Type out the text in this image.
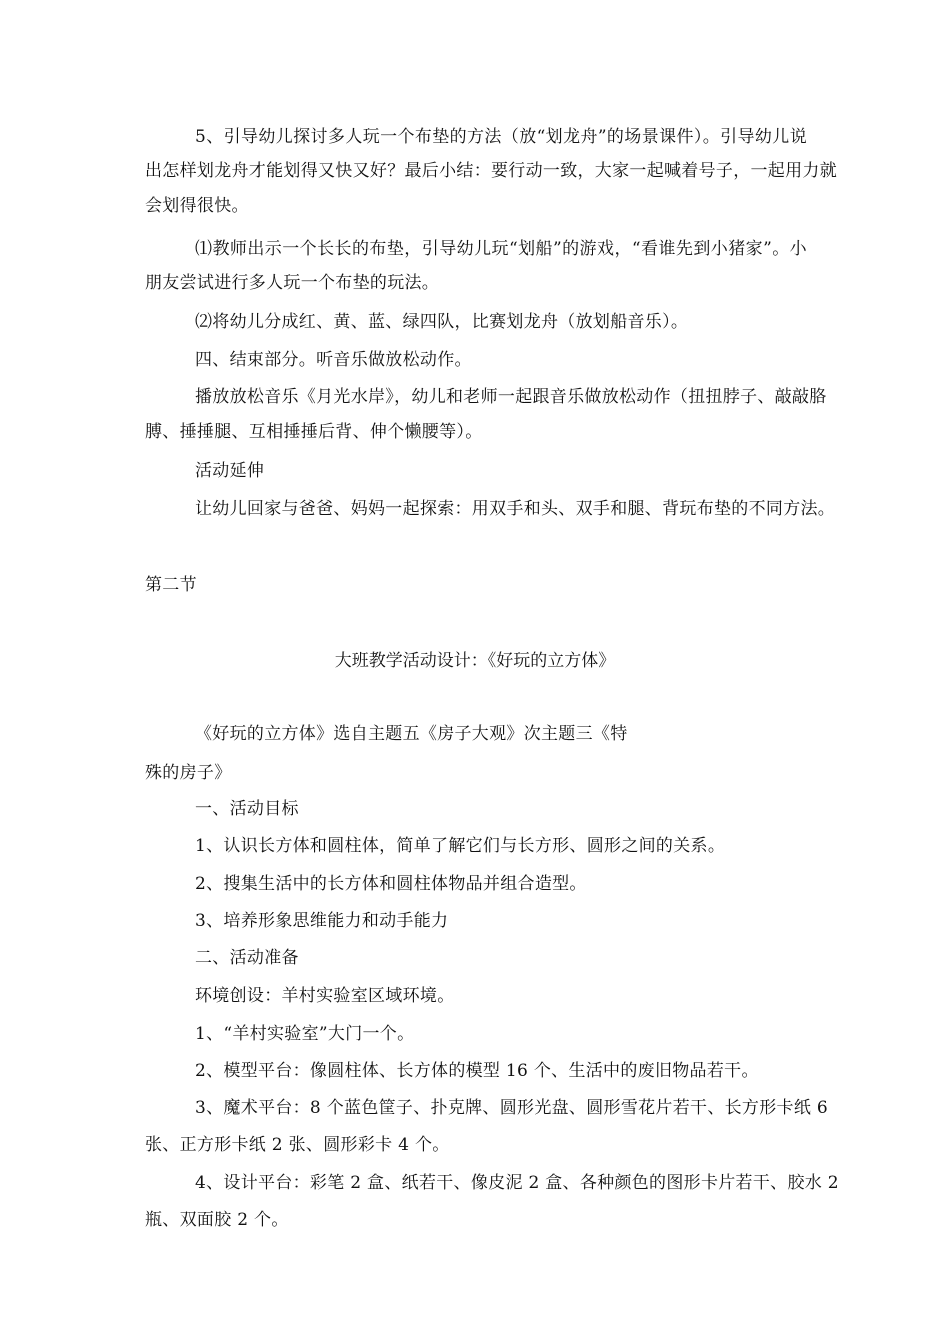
5、引导幼儿探讨多人玩一个布垫的方法（放“划龙舟”的场景课件）。引导幼儿说
出怎样划龙舟才能划得又快又好？最后小结：要行动一致，大家一起喊着号子，一起用力就
会划得很快。
⑴教师出示一个长长的布垫，引导幼儿玩“划船”的游戏，“看谁先到小猪家”。小
朋友尝试进行多人玩一个布垫的玩法。
⑵将幼儿分成红、黄、蓝、绿四队，比赛划龙舟（放划船音乐）。
四、结束部分。听音乐做放松动作。
播放放松音乐《月光水岸》，幼儿和老师一起跟音乐做放松动作（扭扭脖子、敲敲胳
膊、捶捶腿、互相捶捶后背、伸个懒腰等）。
活动延伸
让幼儿回家与爸爸、妈妈一起探索：用双手和头、双手和腿、背玩布垫的不同方法。
第二节
大班教学活动设计：《好玩的立方体》
《好玩的立方体》选自主题五《房子大观》次主题三《特
殊的房子》
一、活动目标
1、认识长方体和圆柱体，简单了解它们与长方形、圆形之间的关系。
2、搜集生活中的长方体和圆柱体物品并组合造型。
3、培养形象思维能力和动手能力
二、活动准备
环境创设：羊村实验室区域环境。
1、“羊村实验室”大门一个。
2、模型平台：像圆柱体、长方体的模型 16 个、生活中的废旧物品若干。
3、魔术平台：8 个蓝色筐子、扑克牌、圆形光盘、圆形雪花片若干、长方形卡纸 6
张、正方形卡纸 2 张、圆形彩卡 4 个。
4、设计平台：彩笔 2 盒、纸若干、像皮泥 2 盒、各种颜色的图形卡片若干、胶水 2
瓶、双面胶 2 个。
